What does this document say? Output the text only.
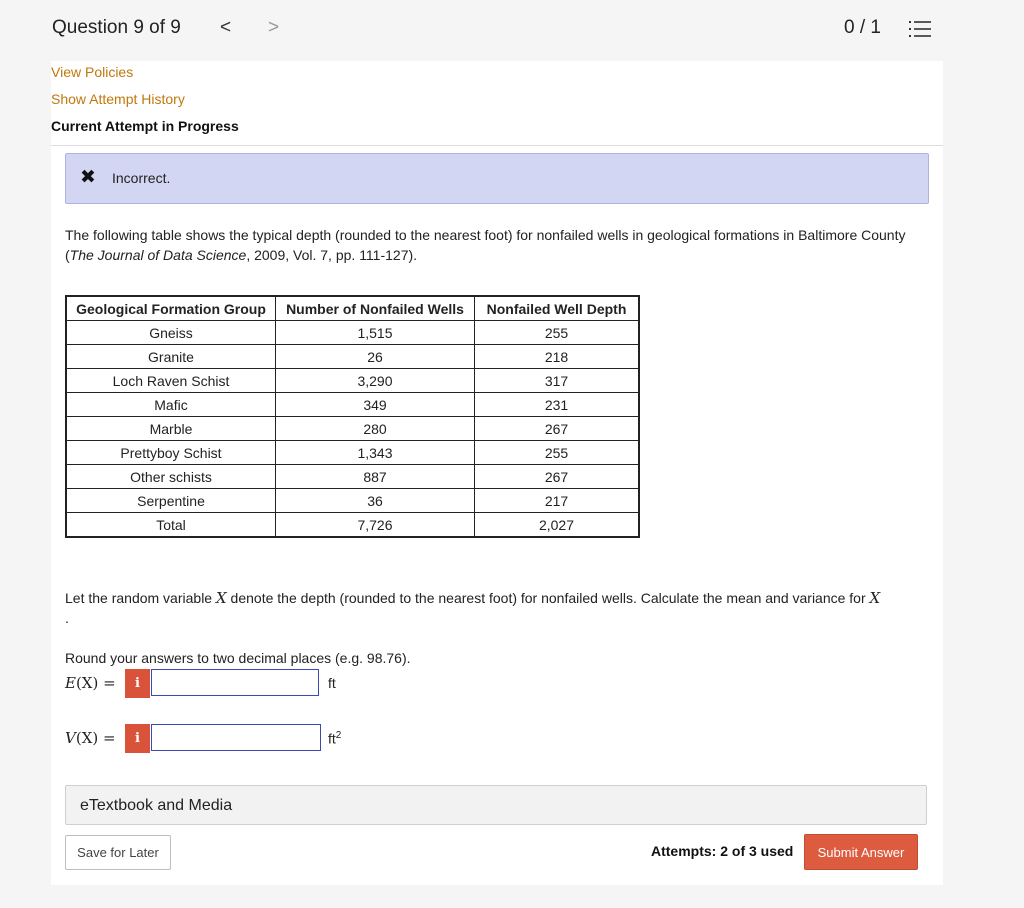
Question 9 of 9 < >	0 / 1
View Policies
Show Attempt History
Current Attempt in Progress
✖ Incorrect.
The following table shows the typical depth (rounded to the nearest foot) for nonfailed wells in geological formations in Baltimore County (The Journal of Data Science, 2009, Vol. 7, pp. 111-127).
Geological Formation Group	Number of Nonfailed Wells	Nonfailed Well Depth
Gneiss	1,515	255
Granite	26	218
Loch Raven Schist	3,290	317
Mafic	349	231
Marble	280	267
Prettyboy Schist	1,343	255
Other schists	887	267
Serpentine	36	217
Total	7,726	2,027
Let the random variable X denote the depth (rounded to the nearest foot) for nonfailed wells. Calculate the mean and variance for X
.
Round your answers to two decimal places (e.g. 98.76).
E(X) =	i	ft
V(X) =	i	$ft^2$
eTextbook and Media
Save for Later	Attempts: 2 of 3 used	Submit Answer
